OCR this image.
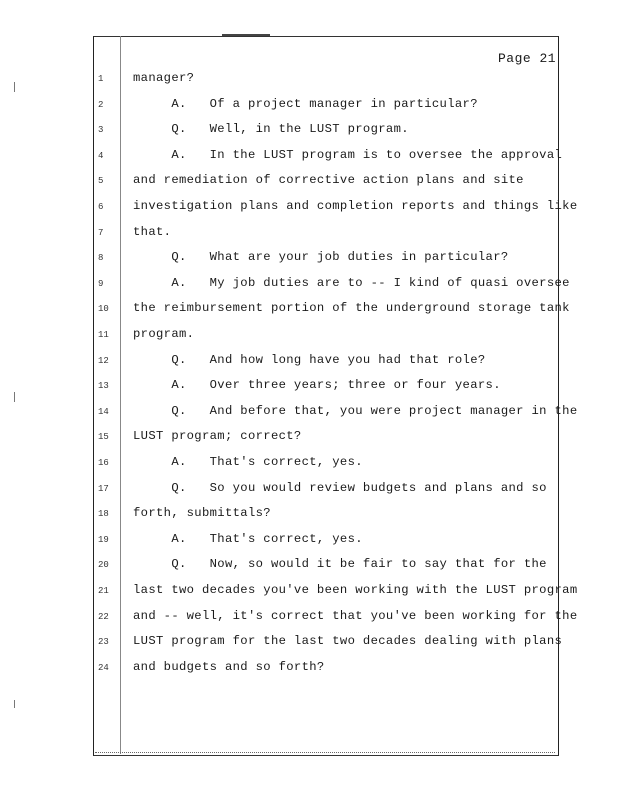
Page 21
1	manager?
2	A.   Of a project manager in particular?
3	Q.   Well, in the LUST program.
4	A.   In the LUST program is to oversee the approval
5	and remediation of corrective action plans and site
6	investigation plans and completion reports and things like
7	that.
8	Q.   What are your job duties in particular?
9	A.   My job duties are to -- I kind of quasi oversee
10	the reimbursement portion of the underground storage tank
11	program.
12	Q.   And how long have you had that role?
13	A.   Over three years; three or four years.
14	Q.   And before that, you were project manager in the
15	LUST program; correct?
16	A.   That's correct, yes.
17	Q.   So you would review budgets and plans and so
18	forth, submittals?
19	A.   That's correct, yes.
20	Q.   Now, so would it be fair to say that for the
21	last two decades you've been working with the LUST program
22	and -- well, it's correct that you've been working for the
23	LUST program for the last two decades dealing with plans
24	and budgets and so forth?
